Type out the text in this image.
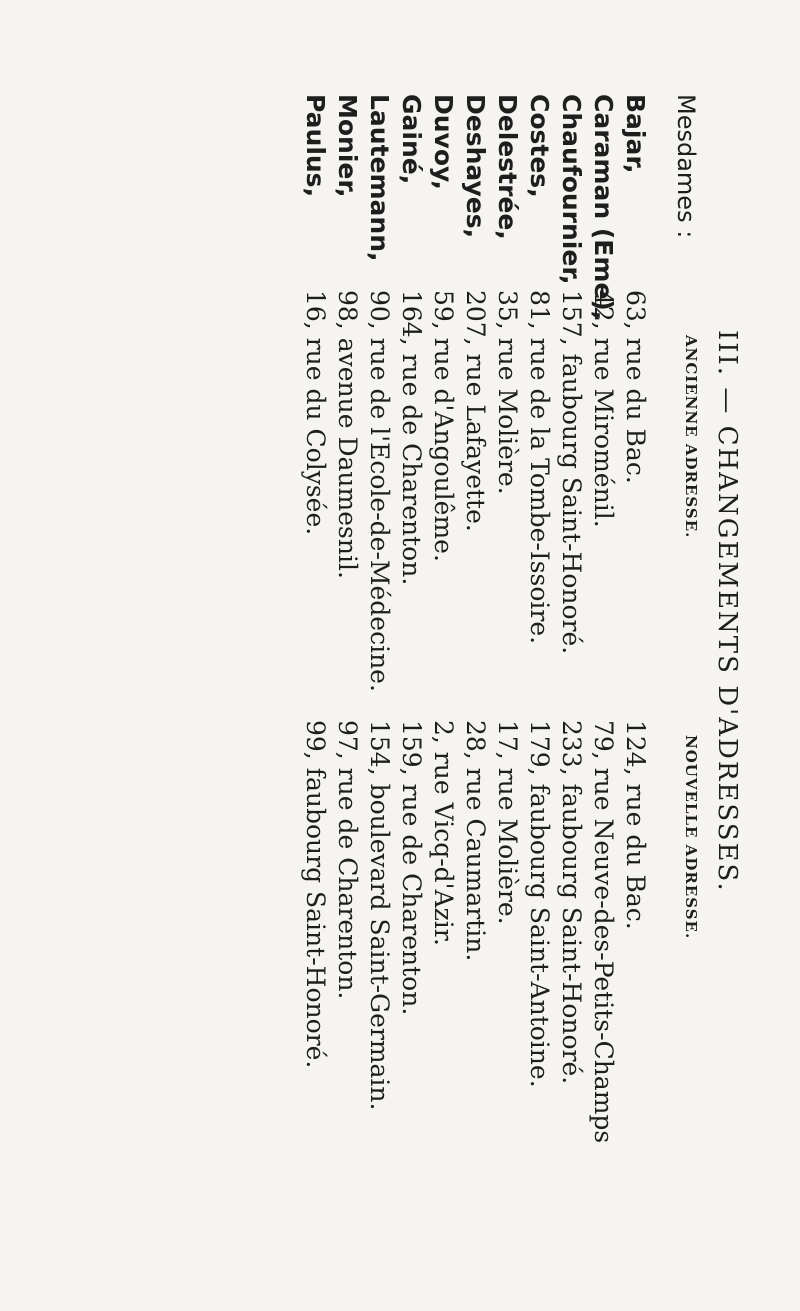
III. — CHANGEMENTS D'ADRESSES.
ANCIENNE ADRESSE.
NOUVELLE ADRESSE.
Mesdames :
Bajar,
63, rue du Bac.
124, rue du Bac.
Caraman (Eme),
42, rue Miroménil.
79, rue Neuve-des-Petits-Champs
Chaufournier,
157, faubourg Saint-Honoré.
233, faubourg Saint-Honoré.
Costes,
81, rue de la Tombe-Issoire.
179, faubourg Saint-Antoine.
Delestrée,
35, rue Molière.
17, rue Molière.
Deshayes,
207, rue Lafayette.
28, rue Caumartin.
Duvoy,
59, rue d'Angoulême.
2, rue Vicq-d'Azir.
Gainé,
164, rue de Charenton.
159, rue de Charenton.
Lautemann,
90, rue de l'Ecole-de-Médecine.
154, boulevard Saint-Germain.
Monier,
98, avenue Daumesnil.
97, rue de Charenton.
Paulus,
16, rue du Colysée.
99, faubourg Saint-Honoré.
